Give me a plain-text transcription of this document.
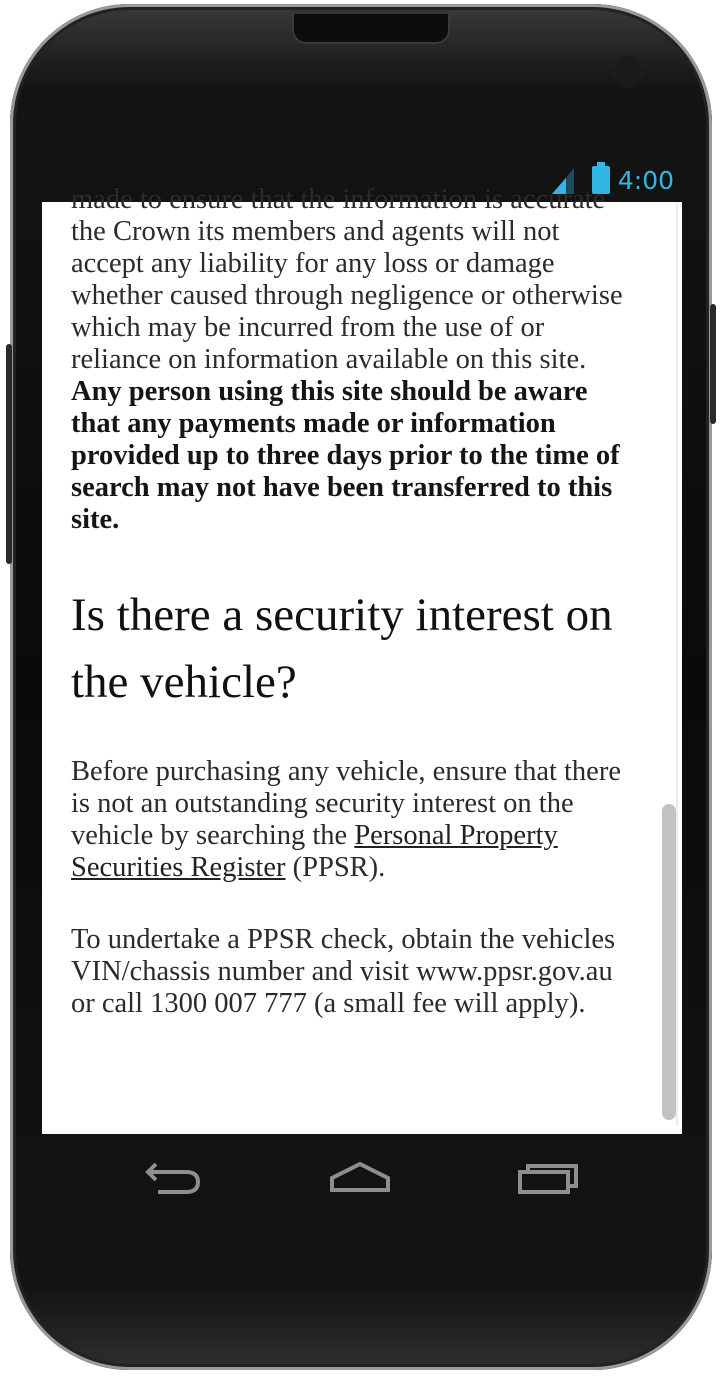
4:00

made to ensure that the information is accurate the Crown its members and agents will not accept any liability for any loss or damage whether caused through negligence or otherwise which may be incurred from the use of or reliance on information available on this site. Any person using this site should be aware that any payments made or information provided up to three days prior to the time of search may not have been transferred to this site.

Is there a security interest on the vehicle?

Before purchasing any vehicle, ensure that there is not an outstanding security interest on the vehicle by searching the Personal Property Securities Register (PPSR).

To undertake a PPSR check, obtain the vehicles VIN/chassis number and visit www.ppsr.gov.au or call 1300 007 777 (a small fee will apply).
